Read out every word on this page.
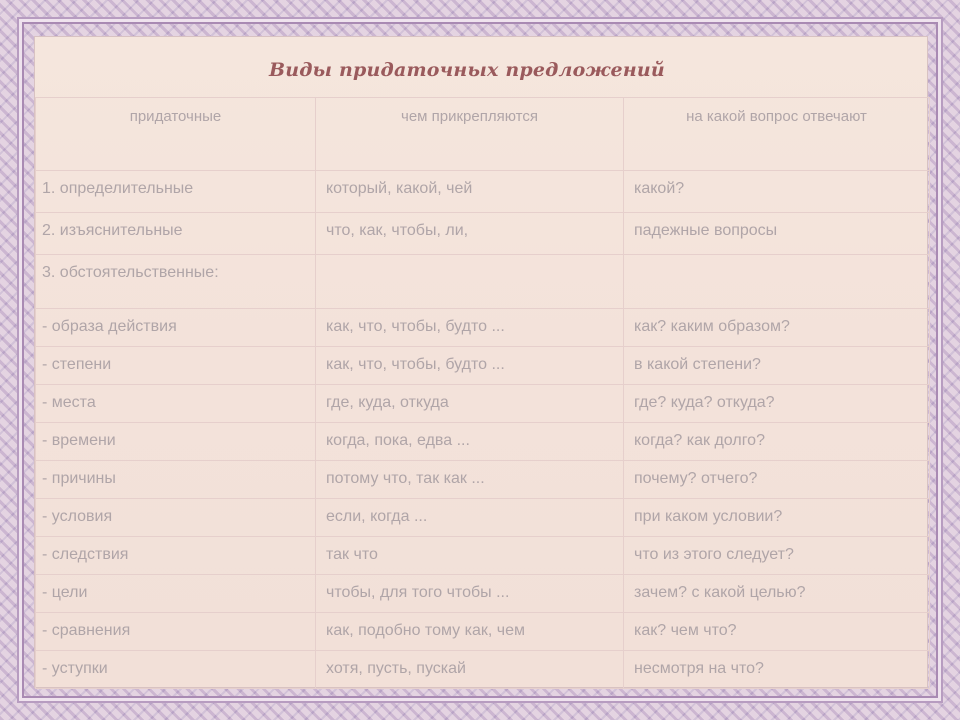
Виды придаточных предложений
придаточные	чем прикрепляются	на какой вопрос отвечают
1. определительные	который, какой, чей	какой?
2. изъяснительные	что, как, чтобы, ли,	падежные вопросы
3. обстоятельственные:		
- образа действия	как, что, чтобы, будто ...	как? каким образом?
- степени	как, что, чтобы, будто ...	в какой степени?
- места	где, куда, откуда	где? куда? откуда?
- времени	когда, пока, едва ...	когда? как долго?
- причины	потому что, так как ...	почему? отчего?
- условия	если, когда ...	при каком условии?
- следствия	так что	что из этого следует?
- цели	чтобы, для того чтобы ...	зачем? с какой целью?
- сравнения	как, подобно тому как, чем	как? чем что?
- уступки	хотя, пусть, пускай	несмотря на что?
